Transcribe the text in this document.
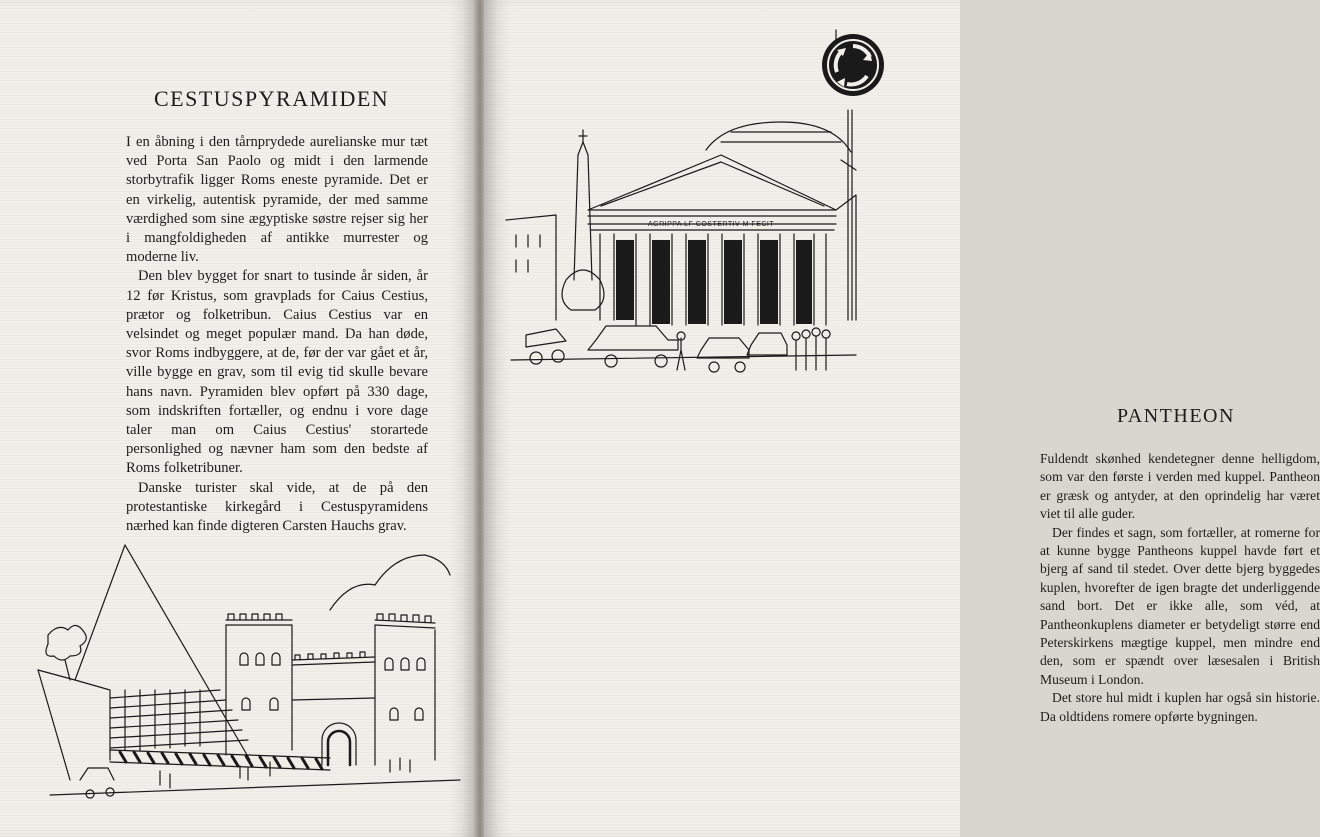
CESTUSPYRAMIDEN

I en åbning i den tårnprydede aurelianske mur tæt ved Porta San Paolo og midt i den larmende storbytrafik ligger Roms eneste pyramide. Det er en virkelig, autentisk pyramide, der med samme værdighed som sine ægyptiske søstre rejser sig her i mangfoldigheden af antikke murrester og moderne liv.

Den blev bygget for snart to tusinde år siden, år 12 før Kristus, som gravplads for Caius Cestius, prætor og folketribun. Caius Cestius var en velsindet og meget populær mand. Da han døde, svor Roms indbyggere, at de, før der var gået et år, ville bygge en grav, som til evig tid skulle bevare hans navn. Pyramiden blev opført på 330 dage, som indskriften fortæller, og endnu i vore dage taler man om Caius Cestius' storartede personlighed og nævner ham som den bedste af Roms folketribuner.

Danske turister skal vide, at de på den protestantiske kirkegård i Cestuspyramidens nærhed kan finde digteren Carsten Hauchs grav.

AGRIPPA LF COSTERTIV M FECIT
PANTHEON

Fuldendt skønhed kendetegner denne helligdom, som var den første i verden med kuppel. Pantheon er græsk og antyder, at den oprindelig har været viet til alle guder.

Der findes et sagn, som fortæller, at romerne for at kunne bygge Pantheons kuppel havde ført et bjerg af sand til stedet. Over dette bjerg byggedes kuplen, hvorefter de igen bragte det underliggende sand bort. Det er ikke alle, som véd, at Pantheonkuplens diameter er betydeligt større end Peterskirkens mægtige kuppel, men mindre end den, som er spændt over læsesalen i British Museum i London.

Det store hul midt i kuplen har også sin historie. Da oldtidens romere opførte bygningen.
